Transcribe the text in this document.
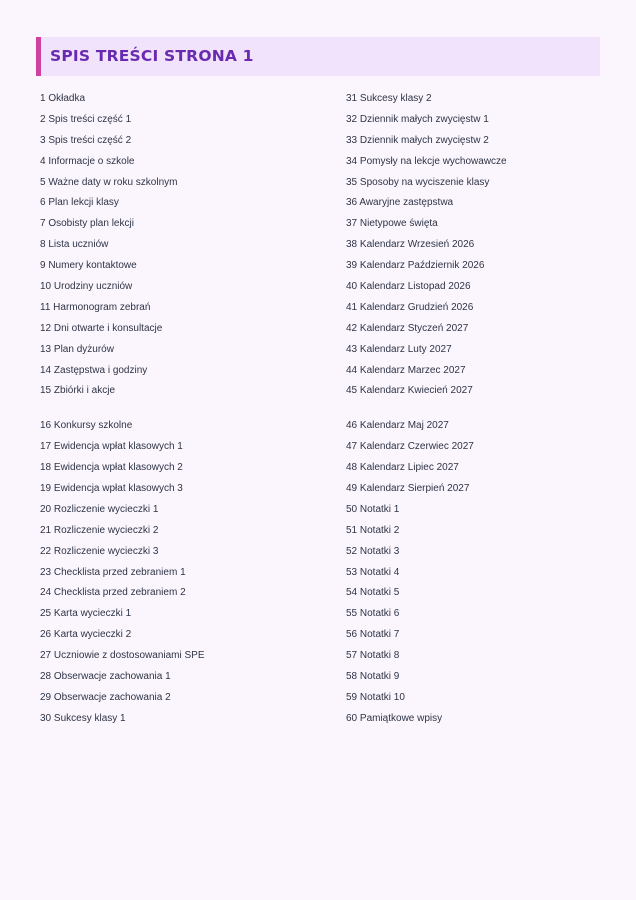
SPIS TREŚCI STRONA 1
1 Okładka
2 Spis treści część 1
3 Spis treści część 2
4 Informacje o szkole
5 Ważne daty w roku szkolnym
6 Plan lekcji klasy
7 Osobisty plan lekcji
8 Lista uczniów
9 Numery kontaktowe
10 Urodziny uczniów
11 Harmonogram zebrań
12 Dni otwarte i konsultacje
13 Plan dyżurów
14 Zastępstwa i godziny
15 Zbiórki i akcje
16 Konkursy szkolne
17 Ewidencja wpłat klasowych 1
18 Ewidencja wpłat klasowych 2
19 Ewidencja wpłat klasowych 3
20 Rozliczenie wycieczki 1
21 Rozliczenie wycieczki 2
22 Rozliczenie wycieczki 3
23 Checklista przed zebraniem 1
24 Checklista przed zebraniem 2
25 Karta wycieczki 1
26 Karta wycieczki 2
27 Uczniowie z dostosowaniami SPE
28 Obserwacje zachowania 1
29 Obserwacje zachowania 2
30 Sukcesy klasy 1
31 Sukcesy klasy 2
32 Dziennik małych zwycięstw 1
33 Dziennik małych zwycięstw 2
34 Pomysły na lekcje wychowawcze
35 Sposoby na wyciszenie klasy
36 Awaryjne zastępstwa
37 Nietypowe święta
38 Kalendarz Wrzesień 2026
39 Kalendarz Październik 2026
40 Kalendarz Listopad 2026
41 Kalendarz Grudzień 2026
42 Kalendarz Styczeń 2027
43 Kalendarz Luty 2027
44 Kalendarz Marzec 2027
45 Kalendarz Kwiecień 2027
46 Kalendarz Maj 2027
47 Kalendarz Czerwiec 2027
48 Kalendarz Lipiec 2027
49 Kalendarz Sierpień 2027
50 Notatki 1
51 Notatki 2
52 Notatki 3
53 Notatki 4
54 Notatki 5
55 Notatki 6
56 Notatki 7
57 Notatki 8
58 Notatki 9
59 Notatki 10
60 Pamiątkowe wpisy
